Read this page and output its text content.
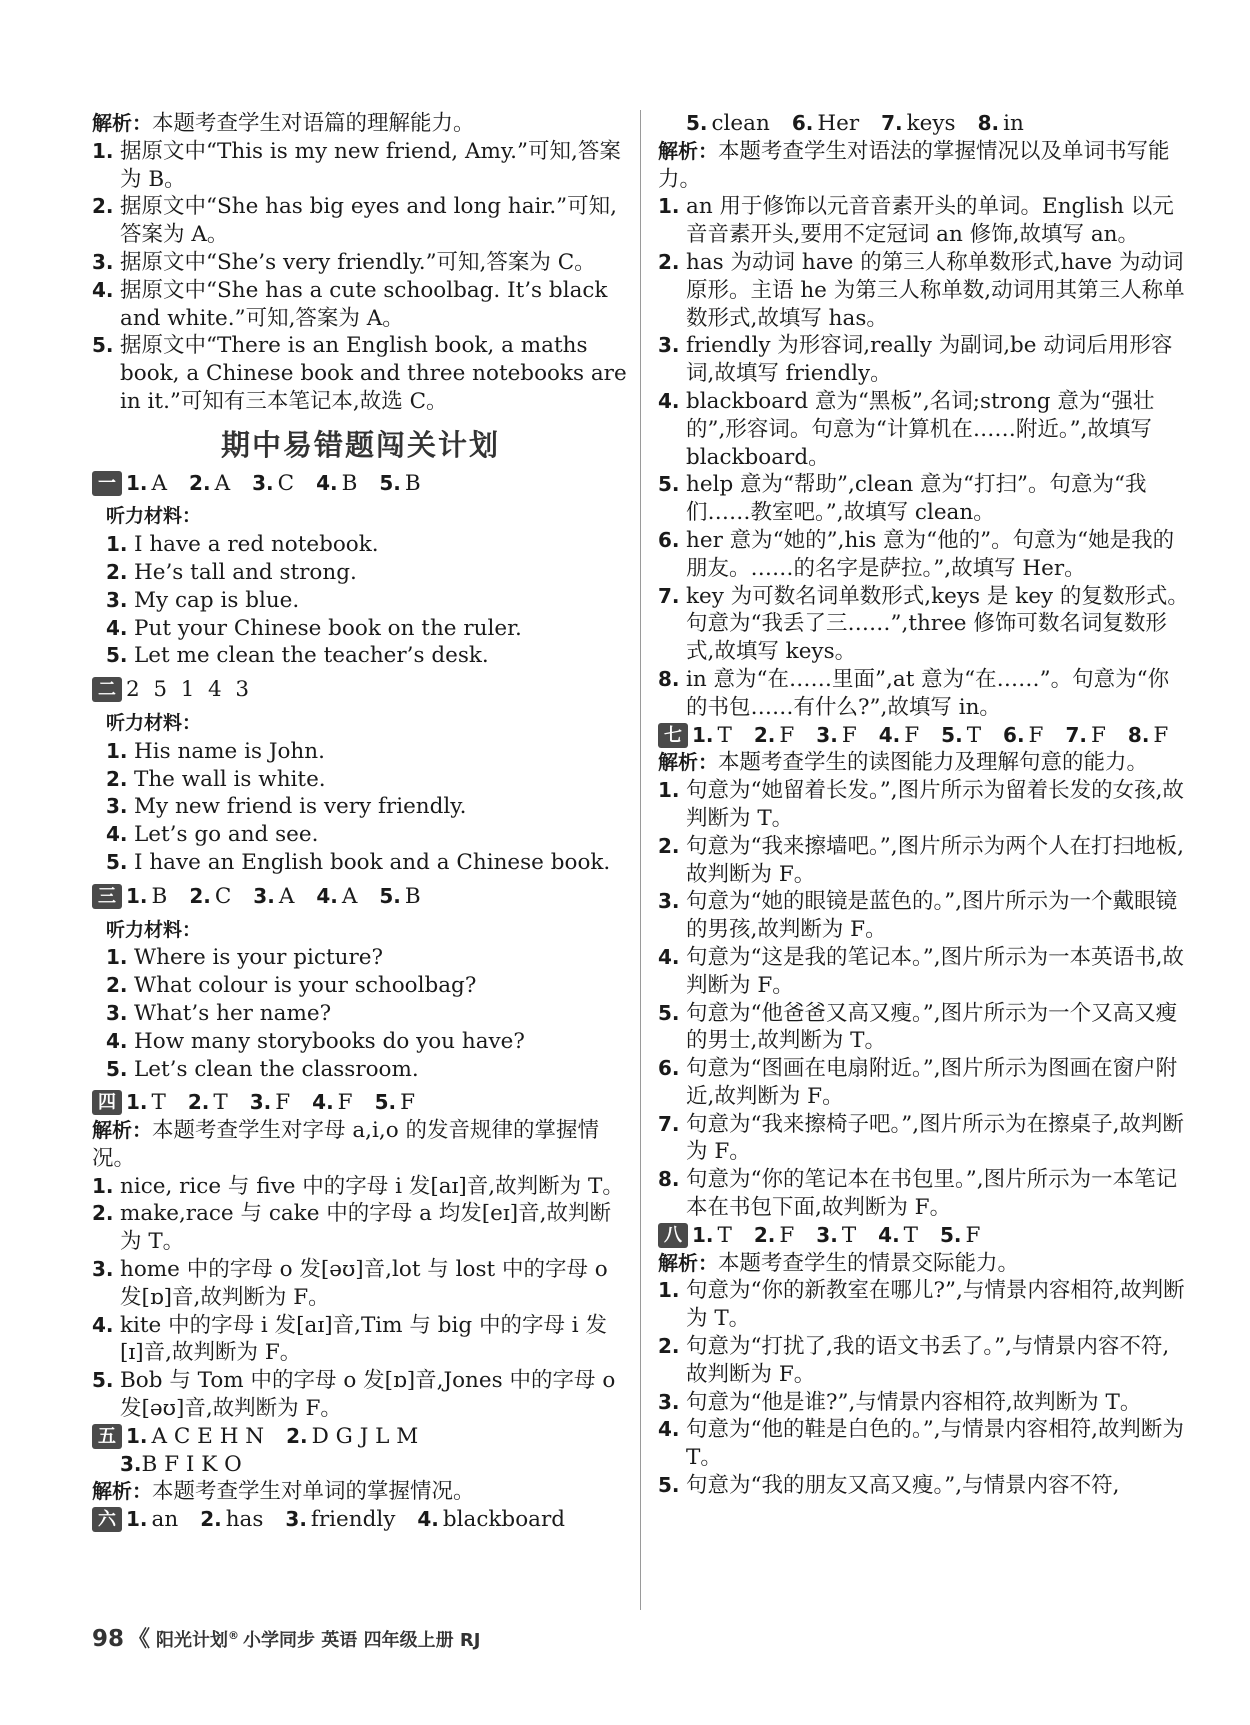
解析：本题考查学生对语篇的理解能力。

1. 据原文中“This is my new friend, Amy.”可知,答案为 B。

2. 据原文中“She has big eyes and long hair.”可知,答案为 A。

3. 据原文中“She’s very friendly.”可知,答案为 C。

4. 据原文中“She has a cute schoolbag. It’s black and white.”可知,答案为 A。

5. 据原文中“There is an English book, a maths book, a Chinese book and three notebooks are in it.”可知有三本笔记本,故选 C。

期中易错题闯关计划

一 1. A 2. A 3. C 4. B 5. B

听力材料：

1. I have a red notebook.

2. He’s tall and strong.

3. My cap is blue.

4. Put your Chinese book on the ruler.

5. Let me clean the teacher’s desk.

二 2  5  1  4  3

听力材料：

1. His name is John.

2. The wall is white.

3. My new friend is very friendly.

4. Let’s go and see.

5. I have an English book and a Chinese book.

三 1. B 2. C 3. A 4. A 5. B

听力材料：

1. Where is your picture?

2. What colour is your schoolbag?

3. What’s her name?

4. How many storybooks do you have?

5. Let’s clean the classroom.

四 1. T 2. T 3. F 4. F 5. F

解析：本题考查学生对字母 a,i,o 的发音规律的掌握情况。

1. nice, rice 与 five 中的字母 i 发[aɪ]音,故判断为 T。

2. make,race 与 cake 中的字母 a 均发[eɪ]音,故判断为 T。

3. home 中的字母 o 发[əʊ]音,lot 与 lost 中的字母 o 发[ɒ]音,故判断为 F。

4. kite 中的字母 i 发[aɪ]音,Tim 与 big 中的字母 i 发[ɪ]音,故判断为 F。

5. Bob 与 Tom 中的字母 o 发[ɒ]音,Jones 中的字母 o 发[əʊ]音,故判断为 F。

五 1. A C E H N 2. D G J L M

3.B F I K O

解析：本题考查学生对单词的掌握情况。

六 1. an 2. has 3. friendly 4. blackboard

5. clean 6. Her 7. keys 8. in

解析：本题考查学生对语法的掌握情况以及单词书写能力。

1. an 用于修饰以元音音素开头的单词。English 以元音音素开头,要用不定冠词 an 修饰,故填写 an。

2. has 为动词 have 的第三人称单数形式,have 为动词原形。主语 he 为第三人称单数,动词用其第三人称单数形式,故填写 has。

3. friendly 为形容词,really 为副词,be 动词后用形容词,故填写 friendly。

4. blackboard 意为“黑板”,名词;strong 意为“强壮的”,形容词。句意为“计算机在……附近。”,故填写 blackboard。

5. help 意为“帮助”,clean 意为“打扫”。句意为“我们……教室吧。”,故填写 clean。

6. her 意为“她的”,his 意为“他的”。句意为“她是我的朋友。……的名字是萨拉。”,故填写 Her。

7. key 为可数名词单数形式,keys 是 key 的复数形式。句意为“我丢了三……”,three 修饰可数名词复数形式,故填写 keys。

8. in 意为“在……里面”,at 意为“在……”。句意为“你的书包……有什么?”,故填写 in。

七 1. T 2. F 3. F 4. F 5. T 6. F 7. F 8. F

解析：本题考查学生的读图能力及理解句意的能力。

1. 句意为“她留着长发。”,图片所示为留着长发的女孩,故判断为 T。

2. 句意为“我来擦墙吧。”,图片所示为两个人在打扫地板,故判断为 F。

3. 句意为“她的眼镜是蓝色的。”,图片所示为一个戴眼镜的男孩,故判断为 F。

4. 句意为“这是我的笔记本。”,图片所示为一本英语书,故判断为 F。

5. 句意为“他爸爸又高又瘦。”,图片所示为一个又高又瘦的男士,故判断为 T。

6. 句意为“图画在电扇附近。”,图片所示为图画在窗户附近,故判断为 F。

7. 句意为“我来擦椅子吧。”,图片所示为在擦桌子,故判断为 F。

8. 句意为“你的笔记本在书包里。”,图片所示为一本笔记本在书包下面,故判断为 F。

八 1. T 2. F 3. T 4. T 5. F

解析：本题考查学生的情景交际能力。

1. 句意为“你的新教室在哪儿?”,与情景内容相符,故判断为 T。

2. 句意为“打扰了,我的语文书丢了。”,与情景内容不符,故判断为 F。

3. 句意为“他是谁?”,与情景内容相符,故判断为 T。

4. 句意为“他的鞋是白色的。”,与情景内容相符,故判断为 T。

5. 句意为“我的朋友又高又瘦。”,与情景内容不符,

98 《 阳光计划® 小学同步 英语 四年级上册 RJ
